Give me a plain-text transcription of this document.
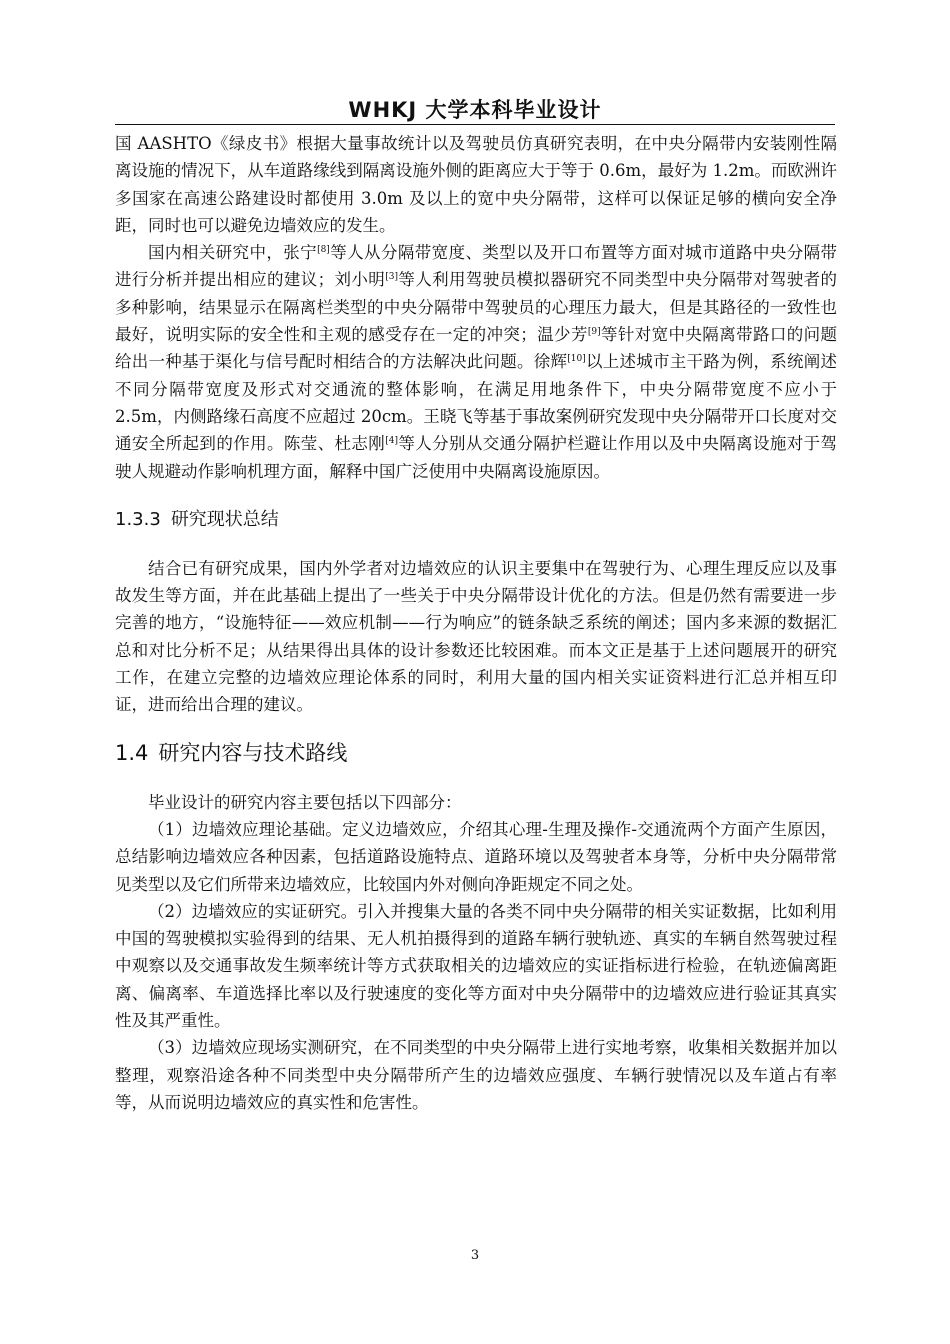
WHKJ 大学本科毕业设计

国 AASHTO《绿皮书》根据大量事故统计以及驾驶员仿真研究表明，在中央分隔带内安装刚性隔离设施的情况下，从车道路缘线到隔离设施外侧的距离应大于等于 0.6m，最好为 1.2m。而欧洲许多国家在高速公路建设时都使用 3.0m 及以上的宽中央分隔带，这样可以保证足够的横向安全净距，同时也可以避免边墙效应的发生。

国内相关研究中，张宁[8]等人从分隔带宽度、类型以及开口布置等方面对城市道路中央分隔带进行分析并提出相应的建议；刘小明[3]等人利用驾驶员模拟器研究不同类型中央分隔带对驾驶者的多种影响，结果显示在隔离栏类型的中央分隔带中驾驶员的心理压力最大，但是其路径的一致性也最好，说明实际的安全性和主观的感受存在一定的冲突；温少芳[9]等针对宽中央隔离带路口的问题给出一种基于渠化与信号配时相结合的方法解决此问题。徐辉[10]以上述城市主干路为例，系统阐述不同分隔带宽度及形式对交通流的整体影响，在满足用地条件下，中央分隔带宽度不应小于 2.5m，内侧路缘石高度不应超过 20cm。王晓飞等基于事故案例研究发现中央分隔带开口长度对交通安全所起到的作用。陈莹、杜志刚[4]等人分别从交通分隔护栏避让作用以及中央隔离设施对于驾驶人规避动作影响机理方面，解释中国广泛使用中央隔离设施原因。

1.3.3 研究现状总结

结合已有研究成果，国内外学者对边墙效应的认识主要集中在驾驶行为、心理生理反应以及事故发生等方面，并在此基础上提出了一些关于中央分隔带设计优化的方法。但是仍然有需要进一步完善的地方，“设施特征——效应机制——行为响应”的链条缺乏系统的阐述；国内多来源的数据汇总和对比分析不足；从结果得出具体的设计参数还比较困难。而本文正是基于上述问题展开的研究工作，在建立完整的边墙效应理论体系的同时，利用大量的国内相关实证资料进行汇总并相互印证，进而给出合理的建议。

1.4 研究内容与技术路线

毕业设计的研究内容主要包括以下四部分：

（1）边墙效应理论基础。定义边墙效应，介绍其心理-生理及操作-交通流两个方面产生原因，总结影响边墙效应各种因素，包括道路设施特点、道路环境以及驾驶者本身等，分析中央分隔带常见类型以及它们所带来边墙效应，比较国内外对侧向净距规定不同之处。

（2）边墙效应的实证研究。引入并搜集大量的各类不同中央分隔带的相关实证数据，比如利用中国的驾驶模拟实验得到的结果、无人机拍摄得到的道路车辆行驶轨迹、真实的车辆自然驾驶过程中观察以及交通事故发生频率统计等方式获取相关的边墙效应的实证指标进行检验，在轨迹偏离距离、偏离率、车道选择比率以及行驶速度的变化等方面对中央分隔带中的边墙效应进行验证其真实性及其严重性。

（3）边墙效应现场实测研究，在不同类型的中央分隔带上进行实地考察，收集相关数据并加以整理，观察沿途各种不同类型中央分隔带所产生的边墙效应强度、车辆行驶情况以及车道占有率等，从而说明边墙效应的真实性和危害性。

3
